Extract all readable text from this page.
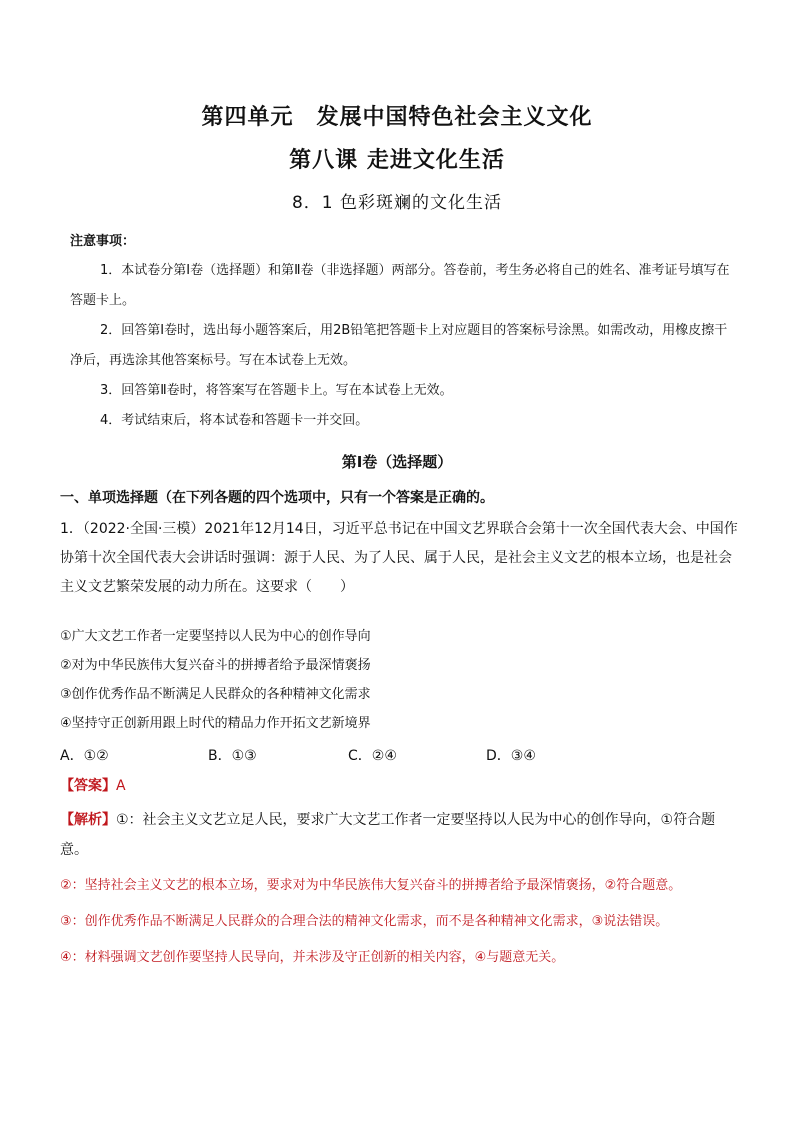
第四单元　发展中国特色社会主义文化
第八课 走进文化生活
8．1 色彩斑斓的文化生活
注意事项：

1．本试卷分第Ⅰ卷（选择题）和第Ⅱ卷（非选择题）两部分。答卷前，考生务必将自己的姓名、准考证号填写在答题卡上。

2．回答第Ⅰ卷时，选出每小题答案后，用2B铅笔把答题卡上对应题目的答案标号涂黑。如需改动，用橡皮擦干净后，再选涂其他答案标号。写在本试卷上无效。

3．回答第Ⅱ卷时，将答案写在答题卡上。写在本试卷上无效。

4．考试结束后，将本试卷和答题卡一并交回。

第Ⅰ卷（选择题）
一、单项选择题（在下列各题的四个选项中，只有一个答案是正确的。

1．（2022·全国·三模）2021年12月14日，习近平总书记在中国文艺界联合会第十一次全国代表大会、中国作协第十次全国代表大会讲话时强调：源于人民、为了人民、属于人民，是社会主义文艺的根本立场，也是社会主义文艺繁荣发展的动力所在。这要求（　　）

①广大文艺工作者一定要坚持以人民为中心的创作导向

②对为中华民族伟大复兴奋斗的拼搏者给予最深情褒扬

③创作优秀作品不断满足人民群众的各种精神文化需求

④坚持守正创新用跟上时代的精品力作开拓文艺新境界

A．①②	B．①③	C．②④	D．③④
【答案】A

【解析】①：社会主义文艺立足人民，要求广大文艺工作者一定要坚持以人民为中心的创作导向，①符合题意。

②：坚持社会主义文艺的根本立场，要求对为中华民族伟大复兴奋斗的拼搏者给予最深情褒扬，②符合题意。

③：创作优秀作品不断满足人民群众的合理合法的精神文化需求，而不是各种精神文化需求，③说法错误。

④：材料强调文艺创作要坚持人民导向，并未涉及守正创新的相关内容，④与题意无关。
